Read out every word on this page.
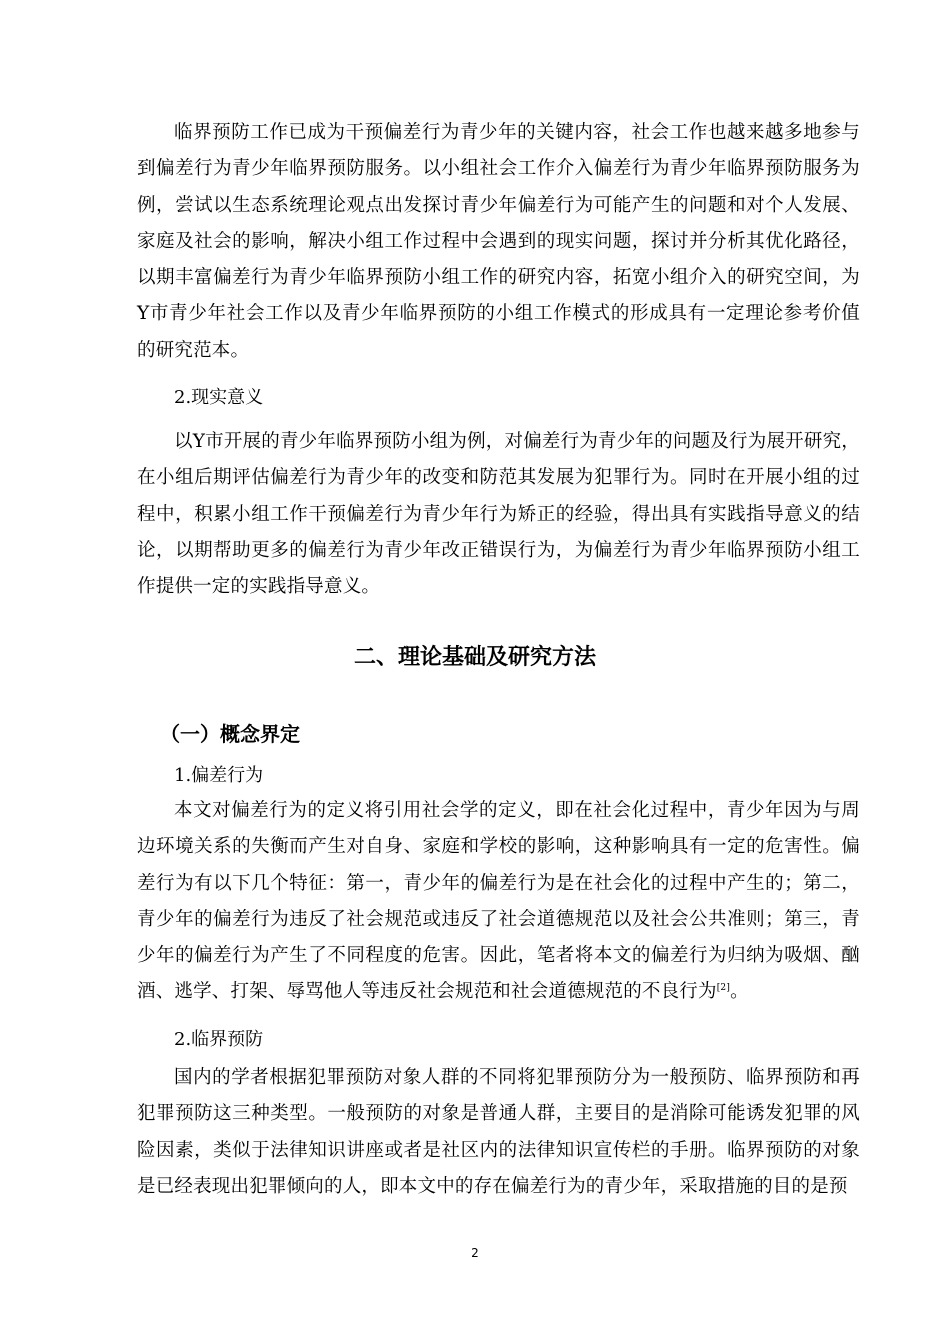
临界预防工作已成为干预偏差行为青少年的关键内容，社会工作也越来越多地参与到偏差行为青少年临界预防服务。以小组社会工作介入偏差行为青少年临界预防服务为例，尝试以生态系统理论观点出发探讨青少年偏差行为可能产生的问题和对个人发展、家庭及社会的影响，解决小组工作过程中会遇到的现实问题，探讨并分析其优化路径，以期丰富偏差行为青少年临界预防小组工作的研究内容，拓宽小组介入的研究空间，为Y市青少年社会工作以及青少年临界预防的小组工作模式的形成具有一定理论参考价值的研究范本。

2.现实意义

以Y市开展的青少年临界预防小组为例，对偏差行为青少年的问题及行为展开研究，在小组后期评估偏差行为青少年的改变和防范其发展为犯罪行为。同时在开展小组的过程中，积累小组工作干预偏差行为青少年行为矫正的经验，得出具有实践指导意义的结论，以期帮助更多的偏差行为青少年改正错误行为，为偏差行为青少年临界预防小组工作提供一定的实践指导意义。

二、理论基础及研究方法
（一）概念界定

1.偏差行为

本文对偏差行为的定义将引用社会学的定义，即在社会化过程中，青少年因为与周边环境关系的失衡而产生对自身、家庭和学校的影响，这种影响具有一定的危害性。偏差行为有以下几个特征：第一，青少年的偏差行为是在社会化的过程中产生的；第二，青少年的偏差行为违反了社会规范或违反了社会道德规范以及社会公共准则；第三，青少年的偏差行为产生了不同程度的危害。因此，笔者将本文的偏差行为归纳为吸烟、酗酒、逃学、打架、辱骂他人等违反社会规范和社会道德规范的不良行为[2]。

2.临界预防

国内的学者根据犯罪预防对象人群的不同将犯罪预防分为一般预防、临界预防和再犯罪预防这三种类型。一般预防的对象是普通人群，主要目的是消除可能诱发犯罪的风险因素，类似于法律知识讲座或者是社区内的法律知识宣传栏的手册。临界预防的对象是已经表现出犯罪倾向的人，即本文中的存在偏差行为的青少年，采取措施的目的是预

2
